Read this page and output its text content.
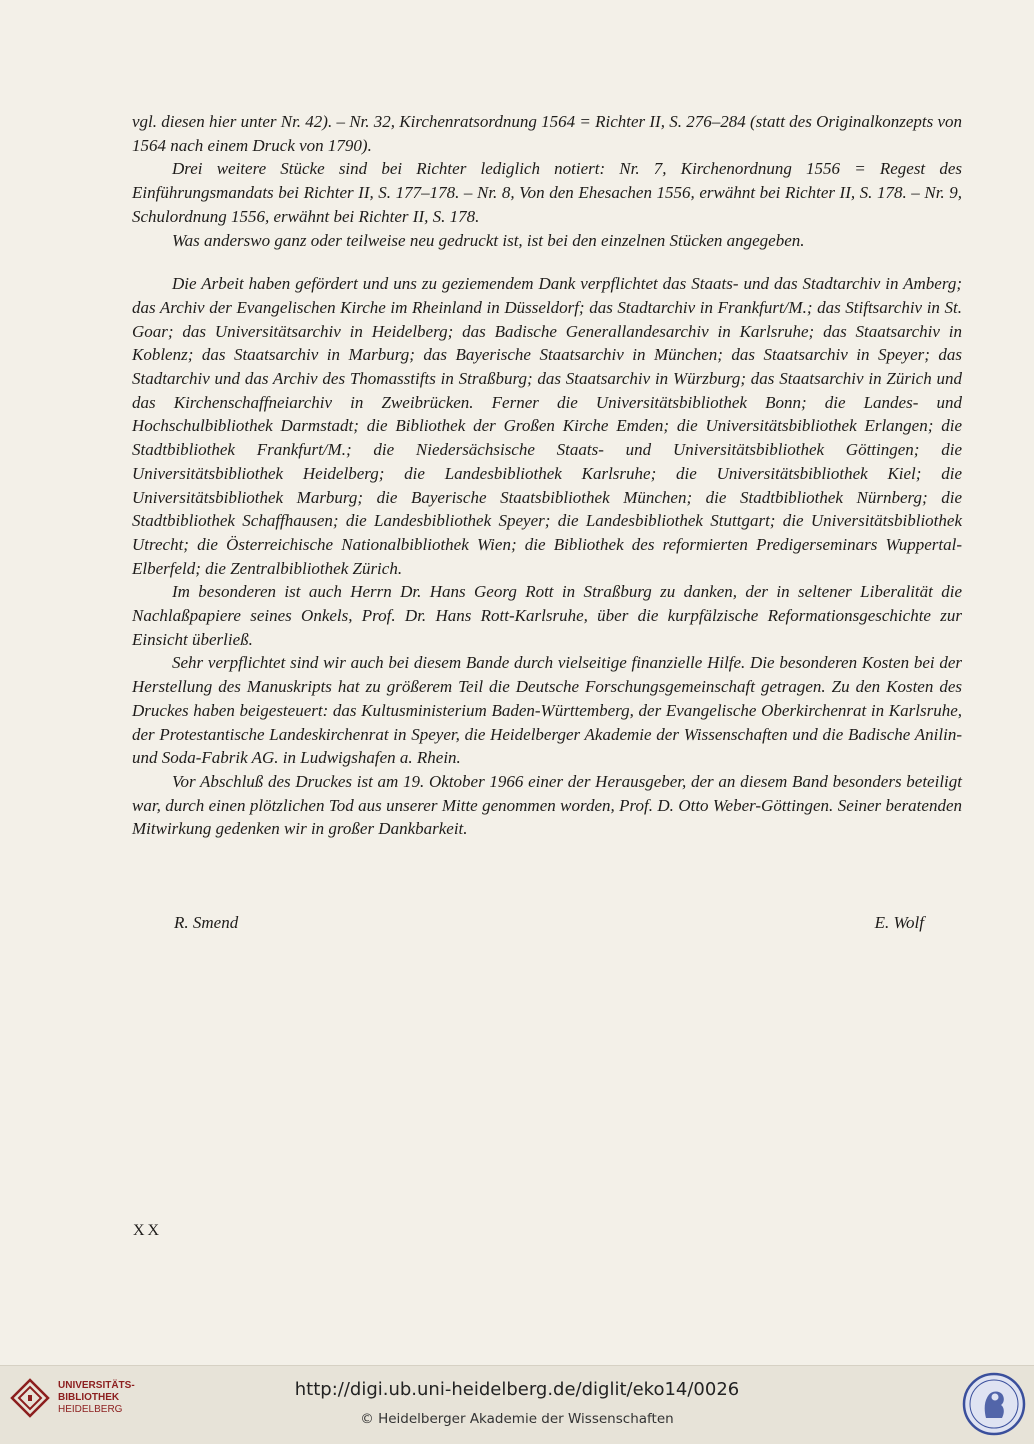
vgl. diesen hier unter Nr. 42). – Nr. 32, Kirchenratsordnung 1564 = Richter II, S. 276–284 (statt des Originalkonzepts von 1564 nach einem Druck von 1790).

Drei weitere Stücke sind bei Richter lediglich notiert: Nr. 7, Kirchenordnung 1556 = Regest des Einführungsmandats bei Richter II, S. 177–178. – Nr. 8, Von den Ehesachen 1556, erwähnt bei Richter II, S. 178. – Nr. 9, Schulordnung 1556, erwähnt bei Richter II, S. 178.

Was anderswo ganz oder teilweise neu gedruckt ist, ist bei den einzelnen Stücken angegeben.

Die Arbeit haben gefördert und uns zu geziemendem Dank verpflichtet das Staats- und das Stadtarchiv in Amberg; das Archiv der Evangelischen Kirche im Rheinland in Düsseldorf; das Stadtarchiv in Frankfurt/M.; das Stiftsarchiv in St. Goar; das Universitätsarchiv in Heidelberg; das Badische Generallandesarchiv in Karlsruhe; das Staatsarchiv in Koblenz; das Staatsarchiv in Marburg; das Bayerische Staatsarchiv in München; das Staatsarchiv in Speyer; das Stadtarchiv und das Archiv des Thomasstifts in Straßburg; das Staatsarchiv in Würzburg; das Staatsarchiv in Zürich und das Kirchenschaffneiarchiv in Zweibrücken. Ferner die Universitätsbibliothek Bonn; die Landes- und Hochschulbibliothek Darmstadt; die Bibliothek der Großen Kirche Emden; die Universitätsbibliothek Erlangen; die Stadtbibliothek Frankfurt/M.; die Niedersächsische Staats- und Universitätsbibliothek Göttingen; die Universitätsbibliothek Heidelberg; die Landesbibliothek Karlsruhe; die Universitätsbibliothek Kiel; die Universitätsbibliothek Marburg; die Bayerische Staatsbibliothek München; die Stadtbibliothek Nürnberg; die Stadtbibliothek Schaffhausen; die Landesbibliothek Speyer; die Landesbibliothek Stuttgart; die Universitätsbibliothek Utrecht; die Österreichische Nationalbibliothek Wien; die Bibliothek des reformierten Predigerseminars Wuppertal-Elberfeld; die Zentralbibliothek Zürich.

Im besonderen ist auch Herrn Dr. Hans Georg Rott in Straßburg zu danken, der in seltener Liberalität die Nachlaßpapiere seines Onkels, Prof. Dr. Hans Rott-Karlsruhe, über die kurpfälzische Reformationsgeschichte zur Einsicht überließ.

Sehr verpflichtet sind wir auch bei diesem Bande durch vielseitige finanzielle Hilfe. Die besonderen Kosten bei der Herstellung des Manuskripts hat zu größerem Teil die Deutsche Forschungsgemeinschaft getragen. Zu den Kosten des Druckes haben beigesteuert: das Kultusministerium Baden-Württemberg, der Evangelische Oberkirchenrat in Karlsruhe, der Protestantische Landeskirchenrat in Speyer, die Heidelberger Akademie der Wissenschaften und die Badische Anilin- und Soda-Fabrik AG. in Ludwigshafen a. Rhein.

Vor Abschluß des Druckes ist am 19. Oktober 1966 einer der Herausgeber, der an diesem Band besonders beteiligt war, durch einen plötzlichen Tod aus unserer Mitte genommen worden, Prof. D. Otto Weber-Göttingen. Seiner beratenden Mitwirkung gedenken wir in großer Dankbarkeit.

R. Smend	E. Wolf
XX
UNIVERSITÄTS-
BIBLIOTHEK
HEIDELBERG
http://digi.ub.uni-heidelberg.de/diglit/eko14/0026
© Heidelberger Akademie der Wissenschaften
